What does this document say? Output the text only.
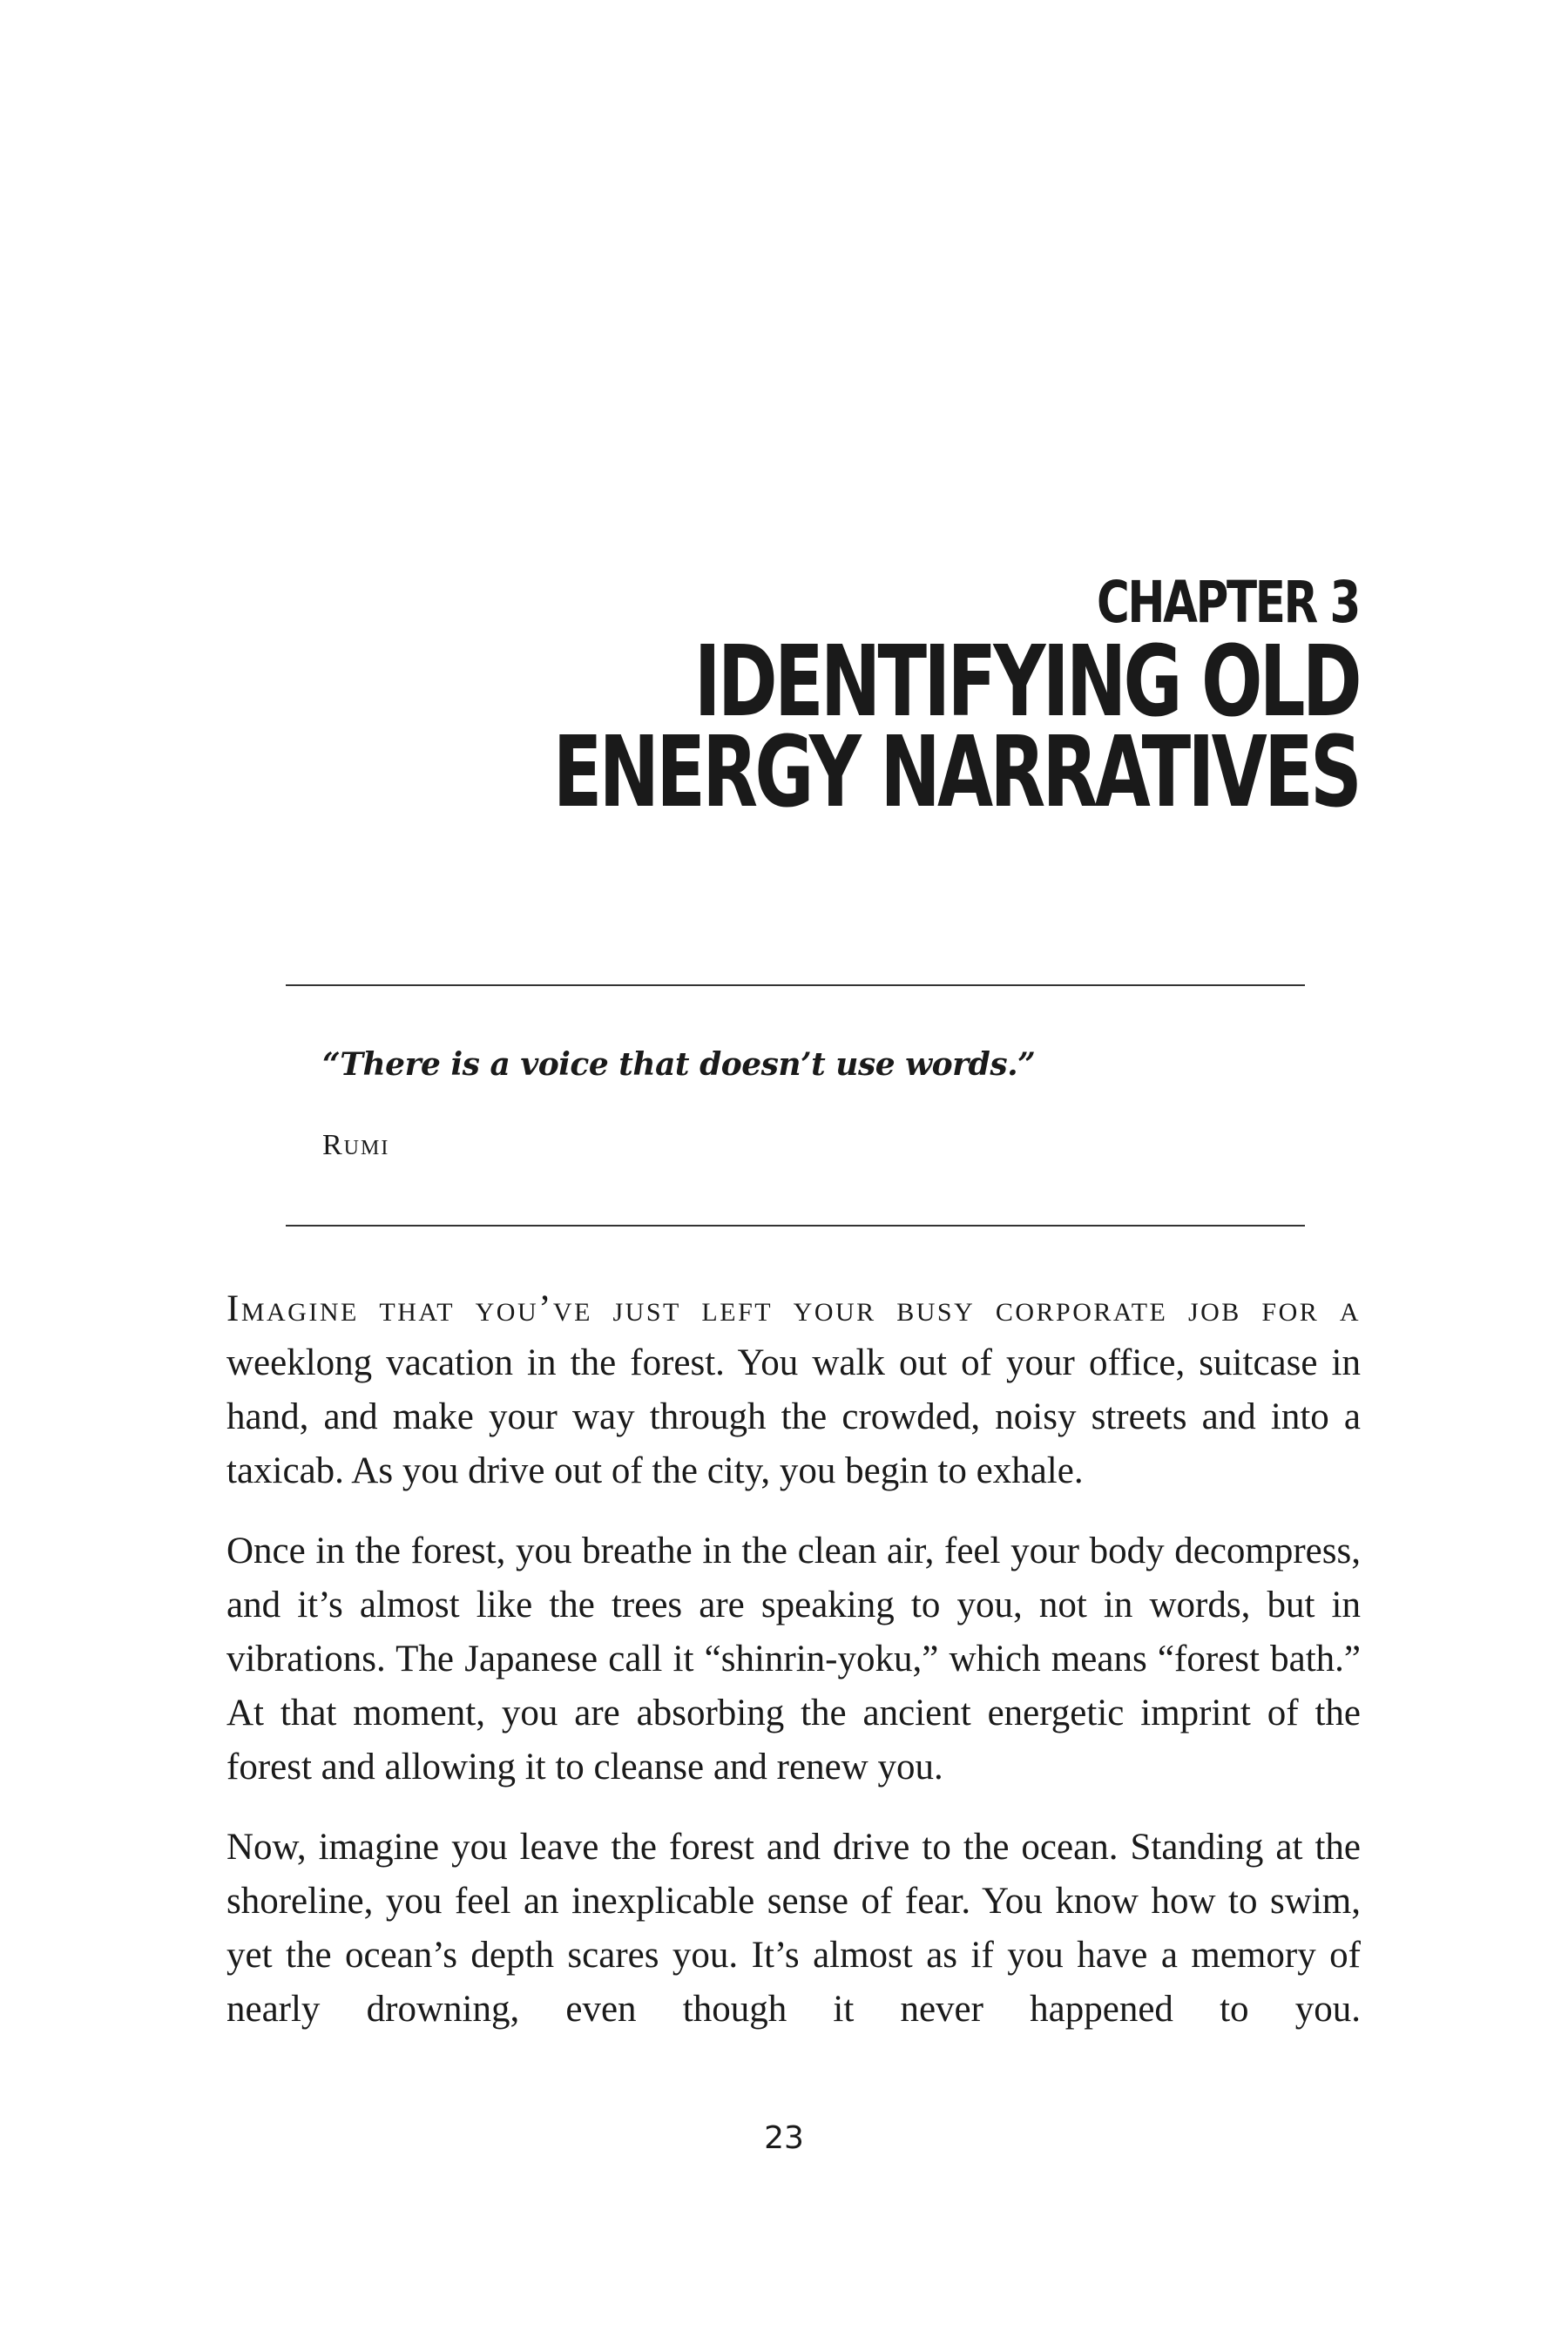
CHAPTER 3
IDENTIFYING OLD
ENERGY NARRATIVES
“There is a voice that doesn’t use words.”
Rumi

Imagine that you’ve just left your busy corporate job for a weeklong vacation in the forest. You walk out of your office, suitcase in hand, and make your way through the crowded, noisy streets and into a taxicab. As you drive out of the city, you begin to exhale.

Once in the forest, you breathe in the clean air, feel your body decompress, and it’s almost like the trees are speaking to you, not in words, but in vibrations. The Japanese call it “shinrin-yoku,” which means “forest bath.” At that moment, you are absorbing the ancient energetic imprint of the forest and allowing it to cleanse and renew you.

Now, imagine you leave the forest and drive to the ocean. Standing at the shoreline, you feel an inexplicable sense of fear. You know how to swim, yet the ocean’s depth scares you. It’s almost as if you have a memory of nearly drowning, even though it never happened to you.

23
